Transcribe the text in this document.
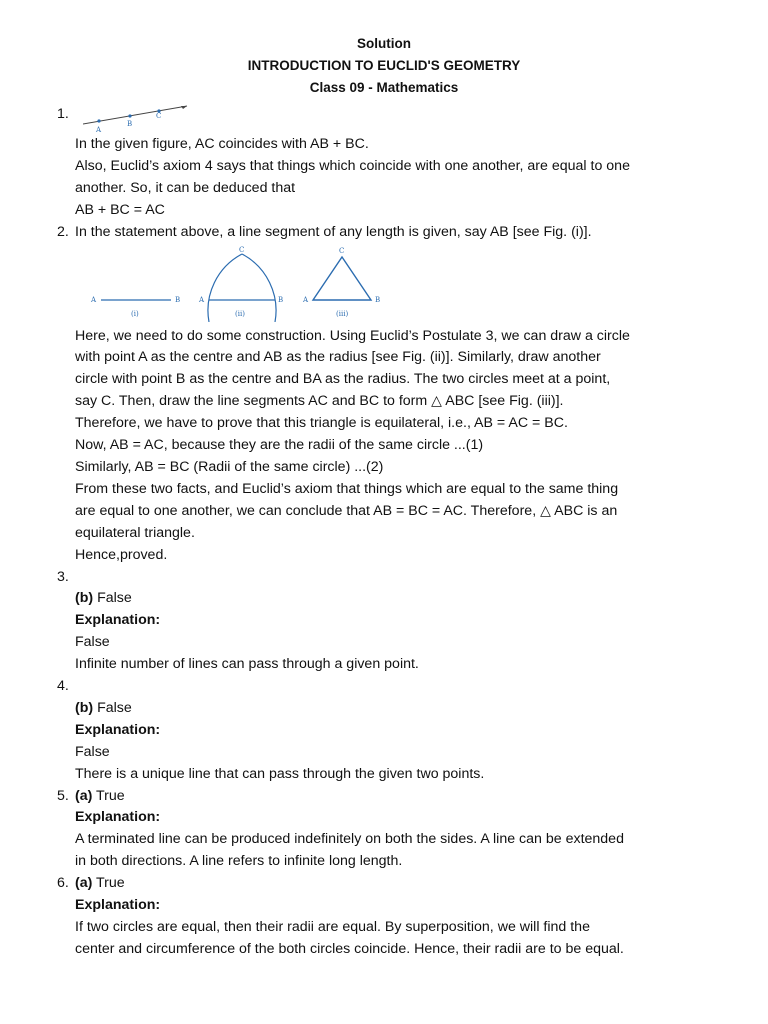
Solution
INTRODUCTION TO EUCLID'S GEOMETRY
Class 09 - Mathematics
1.
A
B
C
In the given figure, AC coincides with AB + BC.
Also, Euclid’s axiom 4 says that things which coincide with one another, are equal to one
another. So, it can be deduced that
AB + BC = AC
2. In the statement above, a line segment of any length is given, say AB [see Fig. (i)].
A	B
(i)
A	B
C
(ii)
A	B
C
(iii)
Here, we need to do some construction. Using Euclid’s Postulate 3, we can draw a circle
with point A as the centre and AB as the radius [see Fig. (ii)]. Similarly, draw another
circle with point B as the centre and BA as the radius. The two circles meet at a point,
say C. Then, draw the line segments AC and BC to form △ ABC [see Fig. (iii)].
Therefore, we have to prove that this triangle is equilateral, i.e., AB = AC = BC.
Now, AB = AC, because they are the radii of the same circle ...(1)
Similarly, AB = BC (Radii of the same circle) ...(2)
From these two facts, and Euclid’s axiom that things which are equal to the same thing
are equal to one another, we can conclude that AB = BC = AC. Therefore, △ ABC is an
equilateral triangle.
Hence,proved.
3.
(b) False
Explanation:
False
Infinite number of lines can pass through a given point.
4.
(b) False
Explanation:
False
There is a unique line that can pass through the given two points.
5. (a) True
Explanation:
A terminated line can be produced indefinitely on both the sides. A line can be extended
in both directions. A line refers to infinite long length.
6. (a) True
Explanation:
If two circles are equal, then their radii are equal. By superposition, we will find the
center and circumference of the both circles coincide. Hence, their radii are to be equal.
